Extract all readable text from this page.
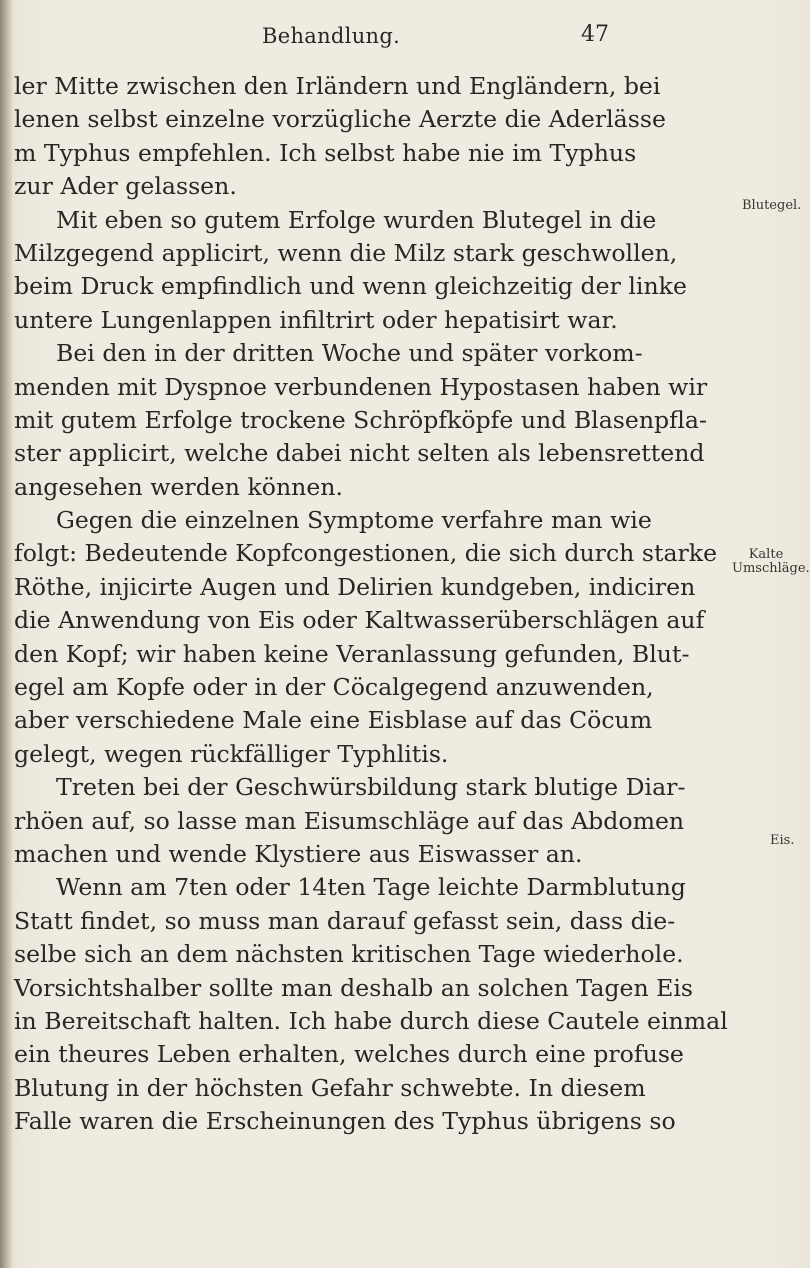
Behandlung.	47
ler Mitte zwischen den Irländern und Engländern, bei
lenen selbst einzelne vorzügliche Aerzte die Aderlässe
m Typhus empfehlen. Ich selbst habe nie im Typhus
zur Ader gelassen.
Mit eben so gutem Erfolge wurden Blutegel in die
Milzgegend applicirt, wenn die Milz stark geschwollen,
beim Druck empfindlich und wenn gleichzeitig der linke
untere Lungenlappen infiltrirt oder hepatisirt war.
Bei den in der dritten Woche und später vorkom-
menden mit Dyspnoe verbundenen Hypostasen haben wir
mit gutem Erfolge trockene Schröpfköpfe und Blasenpfla-
ster applicirt, welche dabei nicht selten als lebensrettend
angesehen werden können.
Gegen die einzelnen Symptome verfahre man wie
folgt: Bedeutende Kopfcongestionen, die sich durch starke
Röthe, injicirte Augen und Delirien kundgeben, indiciren
die Anwendung von Eis oder Kaltwasserüberschlägen auf
den Kopf; wir haben keine Veranlassung gefunden, Blut-
egel am Kopfe oder in der Cöcalgegend anzuwenden,
aber verschiedene Male eine Eisblase auf das Cöcum
gelegt, wegen rückfälliger Typhlitis.
Treten bei der Geschwürsbildung stark blutige Diar-
rhöen auf, so lasse man Eisumschläge auf das Abdomen
machen und wende Klystiere aus Eiswasser an.
Wenn am 7ten oder 14ten Tage leichte Darmblutung
Statt findet, so muss man darauf gefasst sein, dass die-
selbe sich an dem nächsten kritischen Tage wiederhole.
Vorsichtshalber sollte man deshalb an solchen Tagen Eis
in Bereitschaft halten. Ich habe durch diese Cautele einmal
ein theures Leben erhalten, welches durch eine profuse
Blutung in der höchsten Gefahr schwebte. In diesem
Falle waren die Erscheinungen des Typhus übrigens so
Blutegel.
Kalte
Umschläge.
Eis.
